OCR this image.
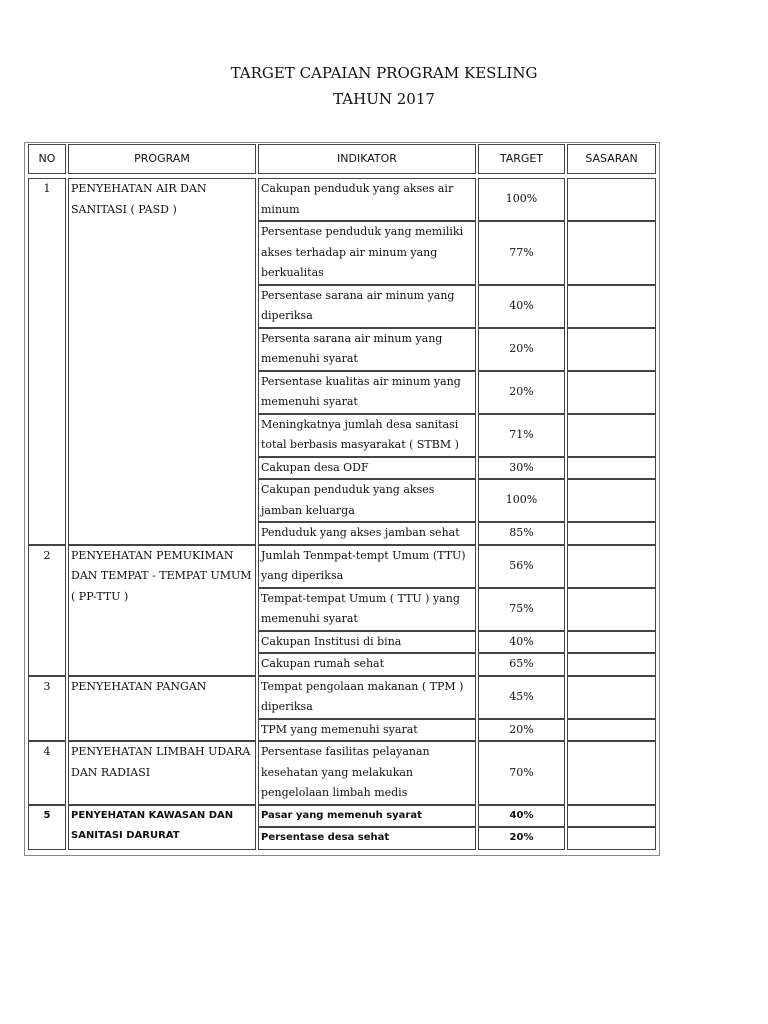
TARGET CAPAIAN PROGRAM KESLING
TAHUN 2017
NO	PROGRAM	INDIKATOR	TARGET	SASARAN

1	PENYEHATAN AIR DAN SANITASI ( PASD )	Cakupan penduduk yang akses air minum	100%	
		Persentase penduduk yang memiliki akses terhadap air minum yang berkualitas	77%	
		Persentase sarana air minum yang diperiksa	40%	
		Persenta sarana air minum yang memenuhi syarat	20%	
		Persentase kualitas air minum yang memenuhi syarat	20%	
		Meningkatnya jumlah desa sanitasi total berbasis masyarakat ( STBM )	71%	
		Cakupan desa ODF	30%	
		Cakupan penduduk yang akses jamban keluarga	100%	
		Penduduk yang akses jamban sehat	85%	
2	PENYEHATAN PEMUKIMAN DAN TEMPAT - TEMPAT UMUM ( PP-TTU )	Jumlah Tenmpat-tempt Umum (TTU) yang diperiksa	56%	
		Tempat-tempat Umum ( TTU ) yang memenuhi syarat	75%	
		Cakupan Institusi di bina	40%	
		Cakupan rumah sehat	65%	
3	PENYEHATAN PANGAN	Tempat pengolaan makanan ( TPM ) diperiksa	45%	
		TPM yang memenuhi syarat	20%	
4	PENYEHATAN LIMBAH UDARA DAN RADIASI	Persentase fasilitas pelayanan kesehatan yang melakukan pengelolaan limbah medis	70%	
5	PENYEHATAN KAWASAN DAN SANITASI DARURAT	Pasar yang memenuh syarat	40%	
		Persentase desa sehat	20%	
